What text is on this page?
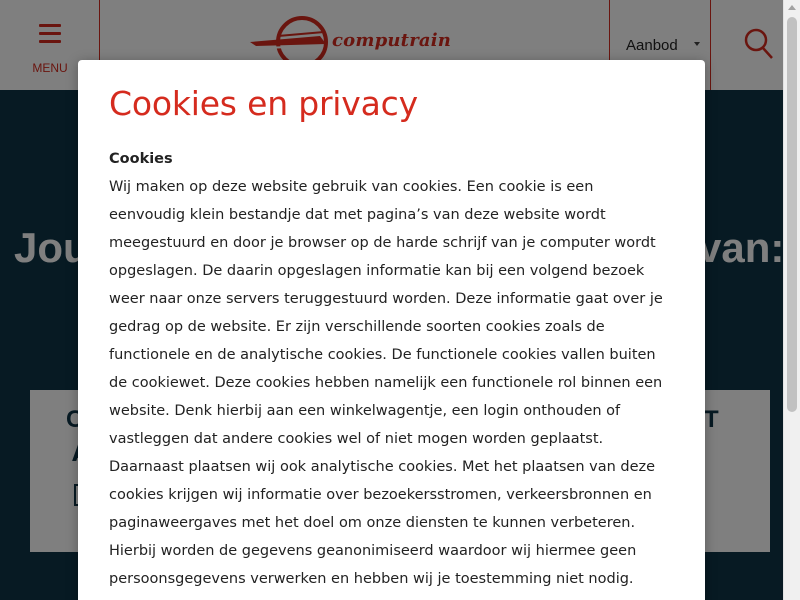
Cookies en privacy
Cookies
Wij maken op deze website gebruik van cookies. Een cookie is een
eenvoudig klein bestandje dat met pagina’s van deze website wordt
meegestuurd en door je browser op de harde schrijf van je computer wordt
opgeslagen. De daarin opgeslagen informatie kan bij een volgend bezoek
weer naar onze servers teruggestuurd worden. Deze informatie gaat over je
gedrag op de website. Er zijn verschillende soorten cookies zoals de
functionele en de analytische cookies. De functionele cookies vallen buiten
de cookiewet. Deze cookies hebben namelijk een functionele rol binnen een
website. Denk hierbij aan een winkelwagentje, een login onthouden of
vastleggen dat andere cookies wel of niet mogen worden geplaatst.
Daarnaast plaatsen wij ook analytische cookies. Met het plaatsen van deze
cookies krijgen wij informatie over bezoekersstromen, verkeersbronnen en
paginaweergaves met het doel om onze diensten te kunnen verbeteren.
Hierbij worden de gegevens geanonimiseerd waardoor wij hiermee geen
persoonsgegevens verwerken en hebben wij je toestemming niet nodig.
